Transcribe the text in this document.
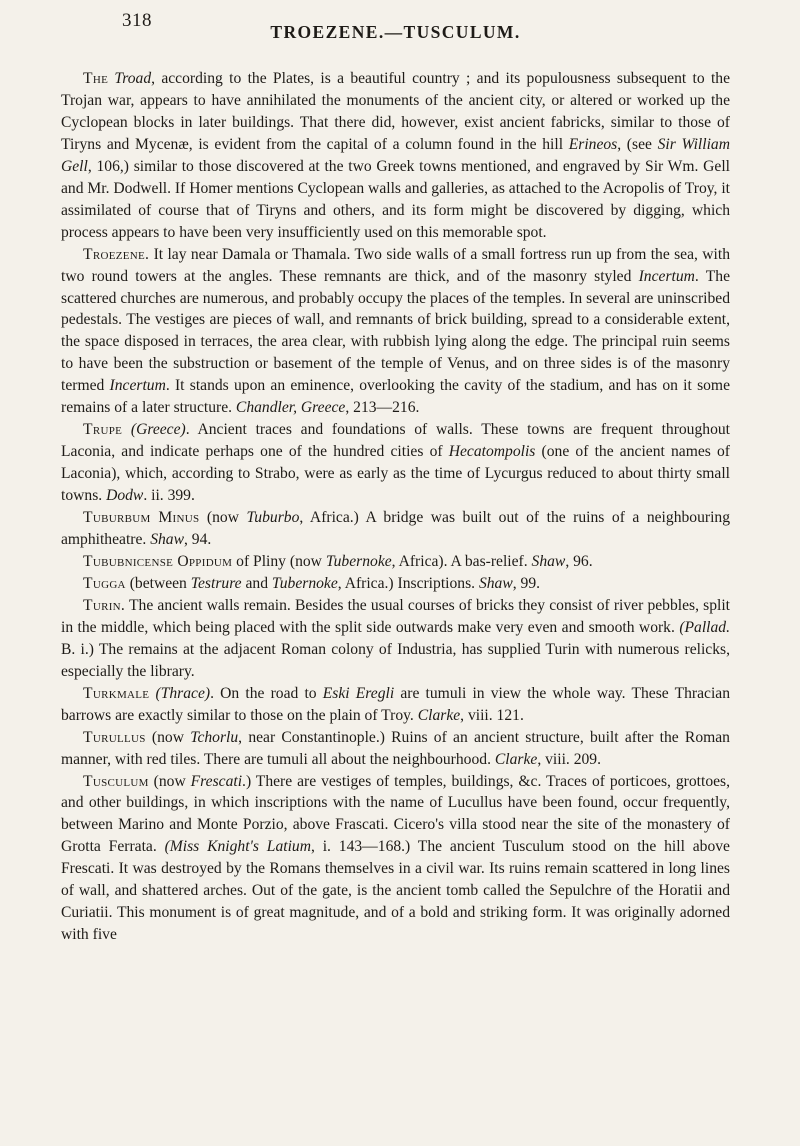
318
TROEZENE.—TUSCULUM.

The Troad, according to the Plates, is a beautiful country ; and its populousness subsequent to the Trojan war, appears to have annihilated the monuments of the ancient city, or altered or worked up the Cyclopean blocks in later buildings. That there did, however, exist ancient fabricks, similar to those of Tiryns and Mycenæ, is evident from the capital of a column found in the hill Erineos, (see Sir William Gell, 106,) similar to those discovered at the two Greek towns mentioned, and engraved by Sir Wm. Gell and Mr. Dodwell. If Homer mentions Cyclopean walls and galleries, as attached to the Acropolis of Troy, it assimilated of course that of Tiryns and others, and its form might be discovered by digging, which process appears to have been very insufficiently used on this memorable spot.

Troezene. It lay near Damala or Thamala. Two side walls of a small fortress run up from the sea, with two round towers at the angles. These remnants are thick, and of the masonry styled Incertum. The scattered churches are numerous, and probably occupy the places of the temples. In several are uninscribed pedestals. The vestiges are pieces of wall, and remnants of brick building, spread to a considerable extent, the space disposed in terraces, the area clear, with rubbish lying along the edge. The principal ruin seems to have been the substruction or basement of the temple of Venus, and on three sides is of the masonry termed Incertum. It stands upon an eminence, overlooking the cavity of the stadium, and has on it some remains of a later structure. Chandler, Greece, 213—216.

Trupe (Greece). Ancient traces and foundations of walls. These towns are frequent throughout Laconia, and indicate perhaps one of the hundred cities of Hecatompolis (one of the ancient names of Laconia), which, according to Strabo, were as early as the time of Lycurgus reduced to about thirty small towns. Dodw. ii. 399.

Tuburbum Minus (now Tuburbo, Africa.) A bridge was built out of the ruins of a neighbouring amphitheatre. Shaw, 94.

Tububnicense Oppidum of Pliny (now Tubernoke, Africa). A bas-relief. Shaw, 96.

Tugga (between Testrure and Tubernoke, Africa.) Inscriptions. Shaw, 99.

Turin. The ancient walls remain. Besides the usual courses of bricks they consist of river pebbles, split in the middle, which being placed with the split side outwards make very even and smooth work. (Pallad. B. i.) The remains at the adjacent Roman colony of Industria, has supplied Turin with numerous relicks, especially the library.

Turkmale (Thrace). On the road to Eski Eregli are tumuli in view the whole way. These Thracian barrows are exactly similar to those on the plain of Troy. Clarke, viii. 121.

Turullus (now Tchorlu, near Constantinople.) Ruins of an ancient structure, built after the Roman manner, with red tiles. There are tumuli all about the neighbourhood. Clarke, viii. 209.

Tusculum (now Frescati.) There are vestiges of temples, buildings, &c. Traces of porticoes, grottoes, and other buildings, in which inscriptions with the name of Lucullus have been found, occur frequently, between Marino and Monte Porzio, above Frascati. Cicero's villa stood near the site of the monastery of Grotta Ferrata. (Miss Knight's Latium, i. 143—168.) The ancient Tusculum stood on the hill above Frescati. It was destroyed by the Romans themselves in a civil war. Its ruins remain scattered in long lines of wall, and shattered arches. Out of the gate, is the ancient tomb called the Sepulchre of the Horatii and Curiatii. This monument is of great magnitude, and of a bold and striking form. It was originally adorned with five
